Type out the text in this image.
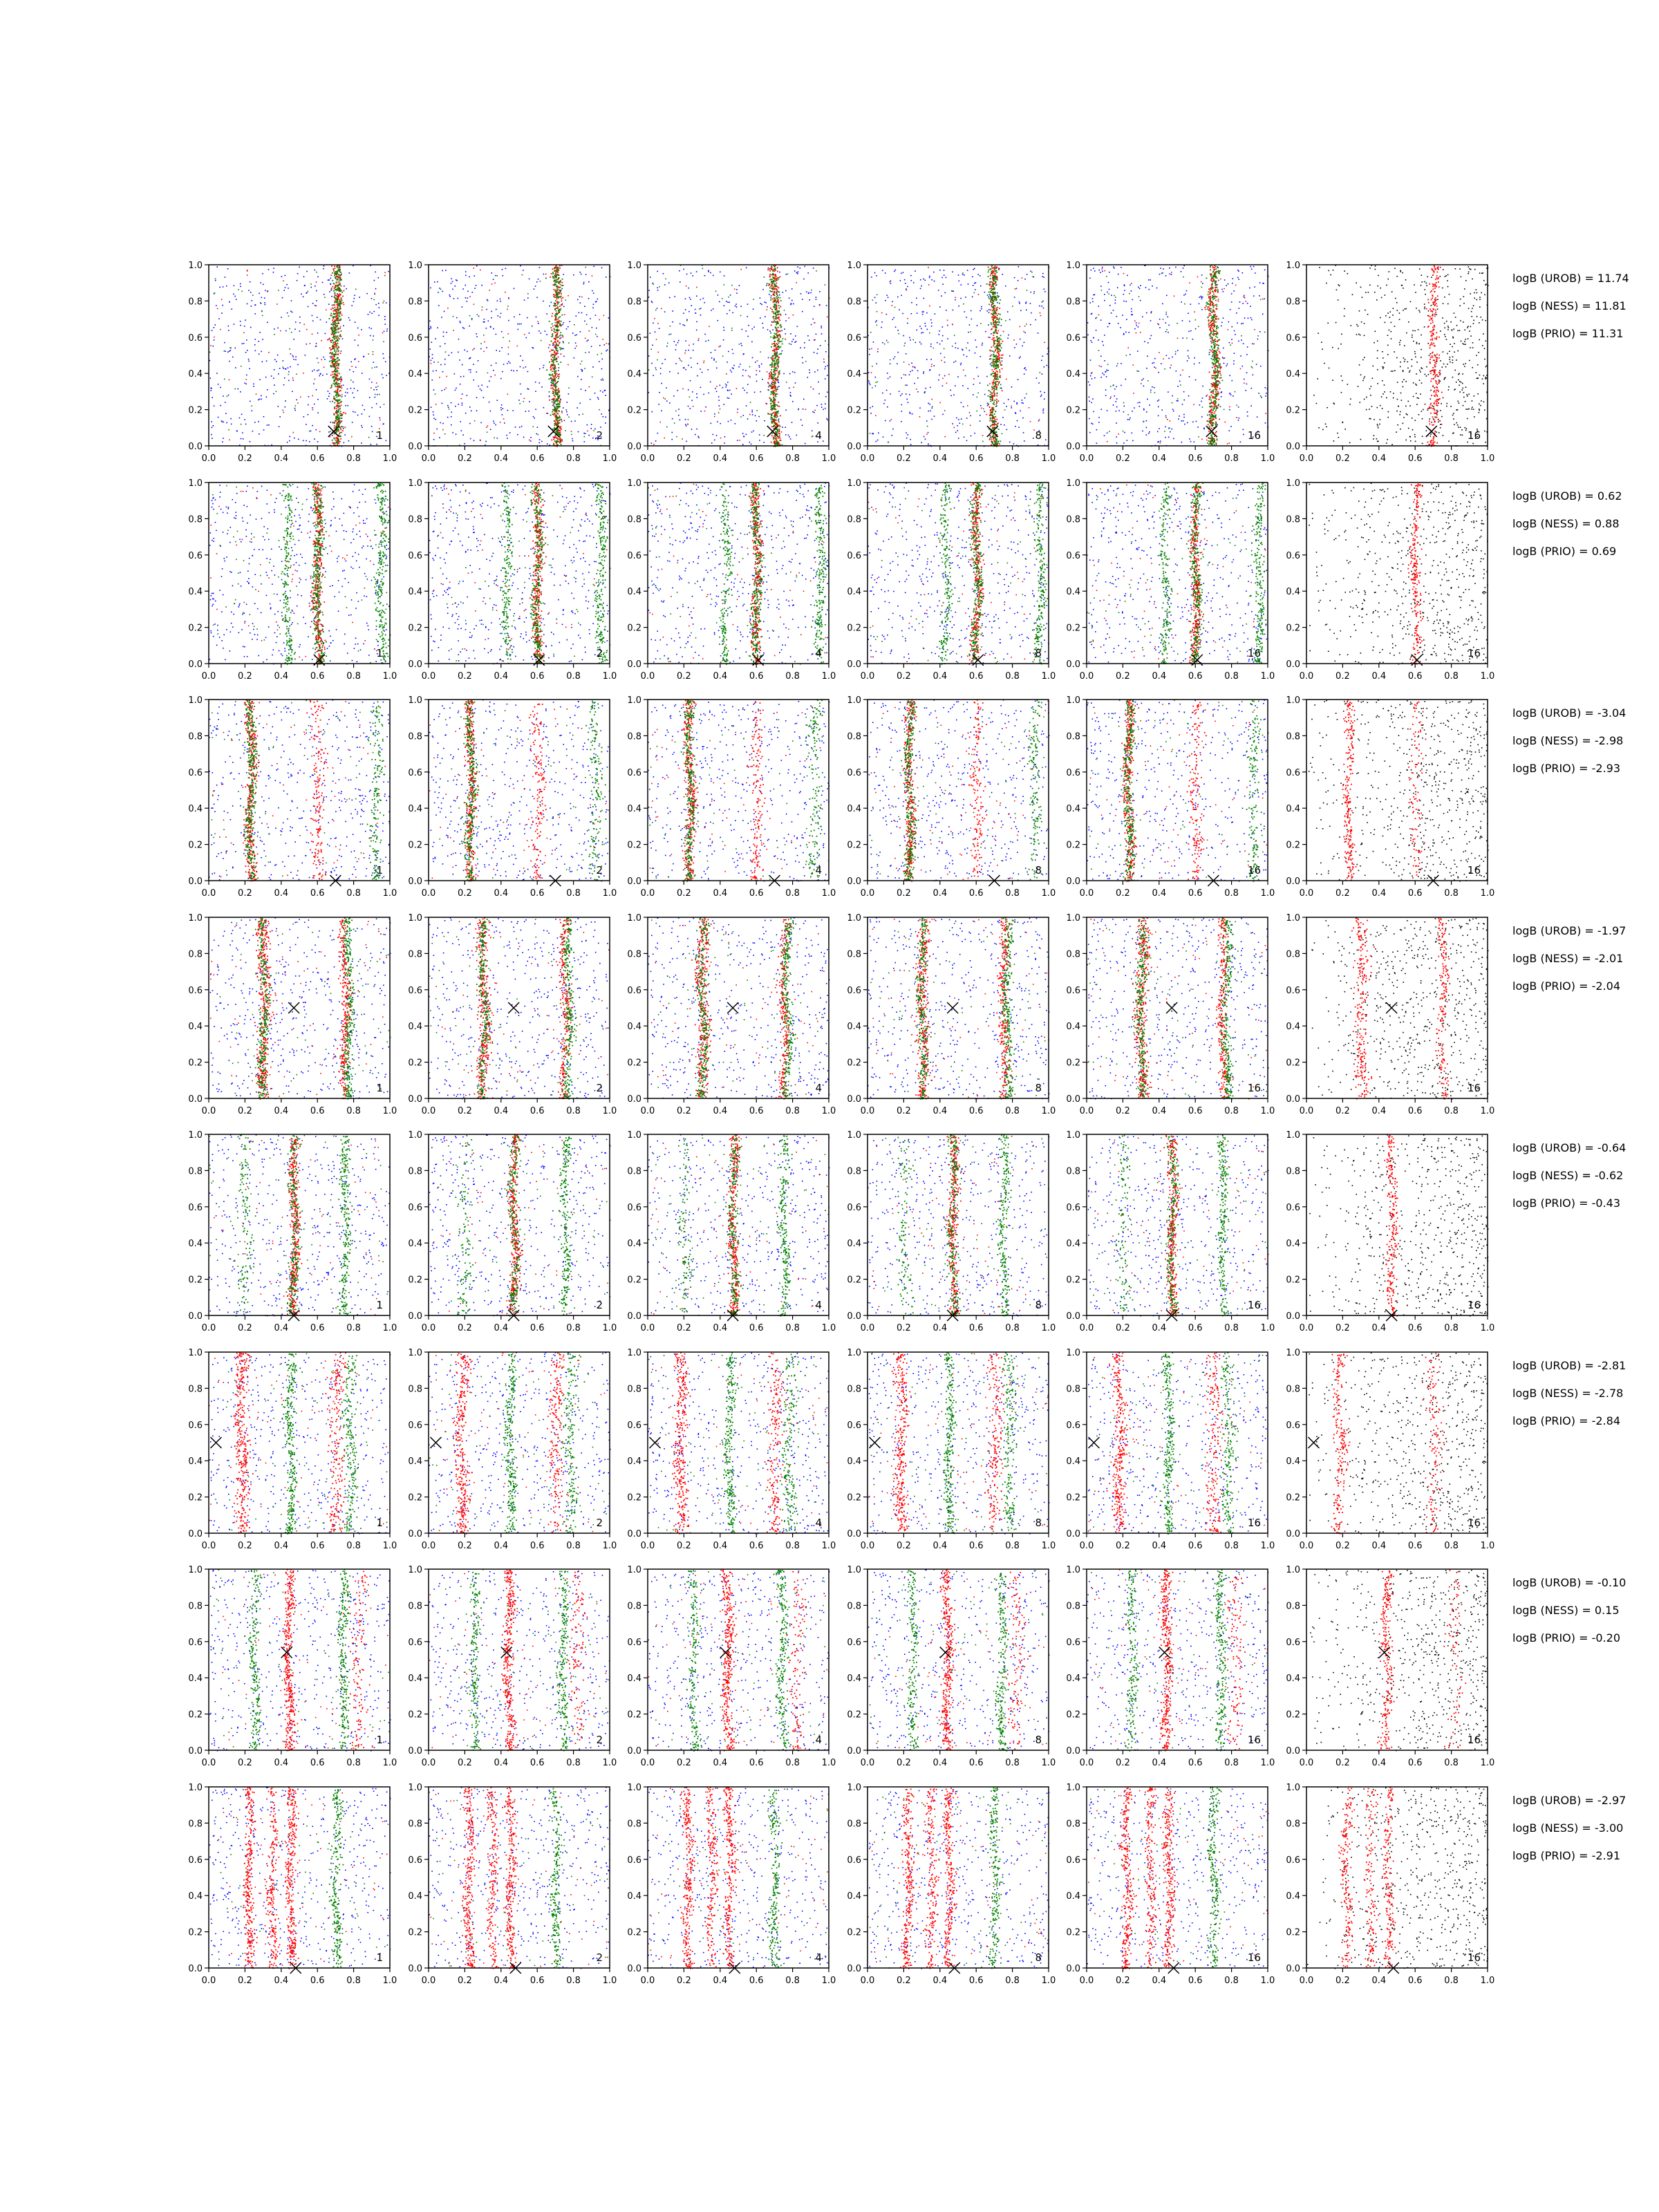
0.0
0.0
0.2
0.2
0.4
0.4
0.6
0.6
0.8
0.8
1.0
1.0
1
0.0
0.0
0.2
0.2
0.4
0.4
0.6
0.6
0.8
0.8
1.0
1.0
2
0.0
0.0
0.2
0.2
0.4
0.4
0.6
0.6
0.8
0.8
1.0
1.0
4
0.0
0.0
0.2
0.2
0.4
0.4
0.6
0.6
0.8
0.8
1.0
1.0
8
0.0
0.0
0.2
0.2
0.4
0.4
0.6
0.6
0.8
0.8
1.0
1.0
16
0.0
0.0
0.2
0.2
0.4
0.4
0.6
0.6
0.8
0.8
1.0
1.0
16
logB (UROB) = 11.74
logB (NESS) = 11.81
logB (PRIO) = 11.31
0.0
0.0
0.2
0.2
0.4
0.4
0.6
0.6
0.8
0.8
1.0
1.0
1
0.0
0.0
0.2
0.2
0.4
0.4
0.6
0.6
0.8
0.8
1.0
1.0
2
0.0
0.0
0.2
0.2
0.4
0.4
0.6
0.6
0.8
0.8
1.0
1.0
4
0.0
0.0
0.2
0.2
0.4
0.4
0.6
0.6
0.8
0.8
1.0
1.0
8
0.0
0.0
0.2
0.2
0.4
0.4
0.6
0.6
0.8
0.8
1.0
1.0
16
0.0
0.0
0.2
0.2
0.4
0.4
0.6
0.6
0.8
0.8
1.0
1.0
16
logB (UROB) = 0.62
logB (NESS) = 0.88
logB (PRIO) = 0.69
0.0
0.0
0.2
0.2
0.4
0.4
0.6
0.6
0.8
0.8
1.0
1.0
1
0.0
0.0
0.2
0.2
0.4
0.4
0.6
0.6
0.8
0.8
1.0
1.0
2
0.0
0.0
0.2
0.2
0.4
0.4
0.6
0.6
0.8
0.8
1.0
1.0
4
0.0
0.0
0.2
0.2
0.4
0.4
0.6
0.6
0.8
0.8
1.0
1.0
8
0.0
0.0
0.2
0.2
0.4
0.4
0.6
0.6
0.8
0.8
1.0
1.0
16
0.0
0.0
0.2
0.2
0.4
0.4
0.6
0.6
0.8
0.8
1.0
1.0
16
logB (UROB) = -3.04
logB (NESS) = -2.98
logB (PRIO) = -2.93
0.0
0.0
0.2
0.2
0.4
0.4
0.6
0.6
0.8
0.8
1.0
1.0
1
0.0
0.0
0.2
0.2
0.4
0.4
0.6
0.6
0.8
0.8
1.0
1.0
2
0.0
0.0
0.2
0.2
0.4
0.4
0.6
0.6
0.8
0.8
1.0
1.0
4
0.0
0.0
0.2
0.2
0.4
0.4
0.6
0.6
0.8
0.8
1.0
1.0
8
0.0
0.0
0.2
0.2
0.4
0.4
0.6
0.6
0.8
0.8
1.0
1.0
16
0.0
0.0
0.2
0.2
0.4
0.4
0.6
0.6
0.8
0.8
1.0
1.0
16
logB (UROB) = -1.97
logB (NESS) = -2.01
logB (PRIO) = -2.04
0.0
0.0
0.2
0.2
0.4
0.4
0.6
0.6
0.8
0.8
1.0
1.0
1
0.0
0.0
0.2
0.2
0.4
0.4
0.6
0.6
0.8
0.8
1.0
1.0
2
0.0
0.0
0.2
0.2
0.4
0.4
0.6
0.6
0.8
0.8
1.0
1.0
4
0.0
0.0
0.2
0.2
0.4
0.4
0.6
0.6
0.8
0.8
1.0
1.0
8
0.0
0.0
0.2
0.2
0.4
0.4
0.6
0.6
0.8
0.8
1.0
1.0
16
0.0
0.0
0.2
0.2
0.4
0.4
0.6
0.6
0.8
0.8
1.0
1.0
16
logB (UROB) = -0.64
logB (NESS) = -0.62
logB (PRIO) = -0.43
0.0
0.0
0.2
0.2
0.4
0.4
0.6
0.6
0.8
0.8
1.0
1.0
1
0.0
0.0
0.2
0.2
0.4
0.4
0.6
0.6
0.8
0.8
1.0
1.0
2
0.0
0.0
0.2
0.2
0.4
0.4
0.6
0.6
0.8
0.8
1.0
1.0
4
0.0
0.0
0.2
0.2
0.4
0.4
0.6
0.6
0.8
0.8
1.0
1.0
8
0.0
0.0
0.2
0.2
0.4
0.4
0.6
0.6
0.8
0.8
1.0
1.0
16
0.0
0.0
0.2
0.2
0.4
0.4
0.6
0.6
0.8
0.8
1.0
1.0
16
logB (UROB) = -2.81
logB (NESS) = -2.78
logB (PRIO) = -2.84
0.0
0.0
0.2
0.2
0.4
0.4
0.6
0.6
0.8
0.8
1.0
1.0
1
0.0
0.0
0.2
0.2
0.4
0.4
0.6
0.6
0.8
0.8
1.0
1.0
2
0.0
0.0
0.2
0.2
0.4
0.4
0.6
0.6
0.8
0.8
1.0
1.0
4
0.0
0.0
0.2
0.2
0.4
0.4
0.6
0.6
0.8
0.8
1.0
1.0
8
0.0
0.0
0.2
0.2
0.4
0.4
0.6
0.6
0.8
0.8
1.0
1.0
16
0.0
0.0
0.2
0.2
0.4
0.4
0.6
0.6
0.8
0.8
1.0
1.0
16
logB (UROB) = -0.10
logB (NESS) = 0.15
logB (PRIO) = -0.20
0.0
0.0
0.2
0.2
0.4
0.4
0.6
0.6
0.8
0.8
1.0
1.0
1
0.0
0.0
0.2
0.2
0.4
0.4
0.6
0.6
0.8
0.8
1.0
1.0
2
0.0
0.0
0.2
0.2
0.4
0.4
0.6
0.6
0.8
0.8
1.0
1.0
4
0.0
0.0
0.2
0.2
0.4
0.4
0.6
0.6
0.8
0.8
1.0
1.0
8
0.0
0.0
0.2
0.2
0.4
0.4
0.6
0.6
0.8
0.8
1.0
1.0
16
0.0
0.0
0.2
0.2
0.4
0.4
0.6
0.6
0.8
0.8
1.0
1.0
16
logB (UROB) = -2.97
logB (NESS) = -3.00
logB (PRIO) = -2.91
